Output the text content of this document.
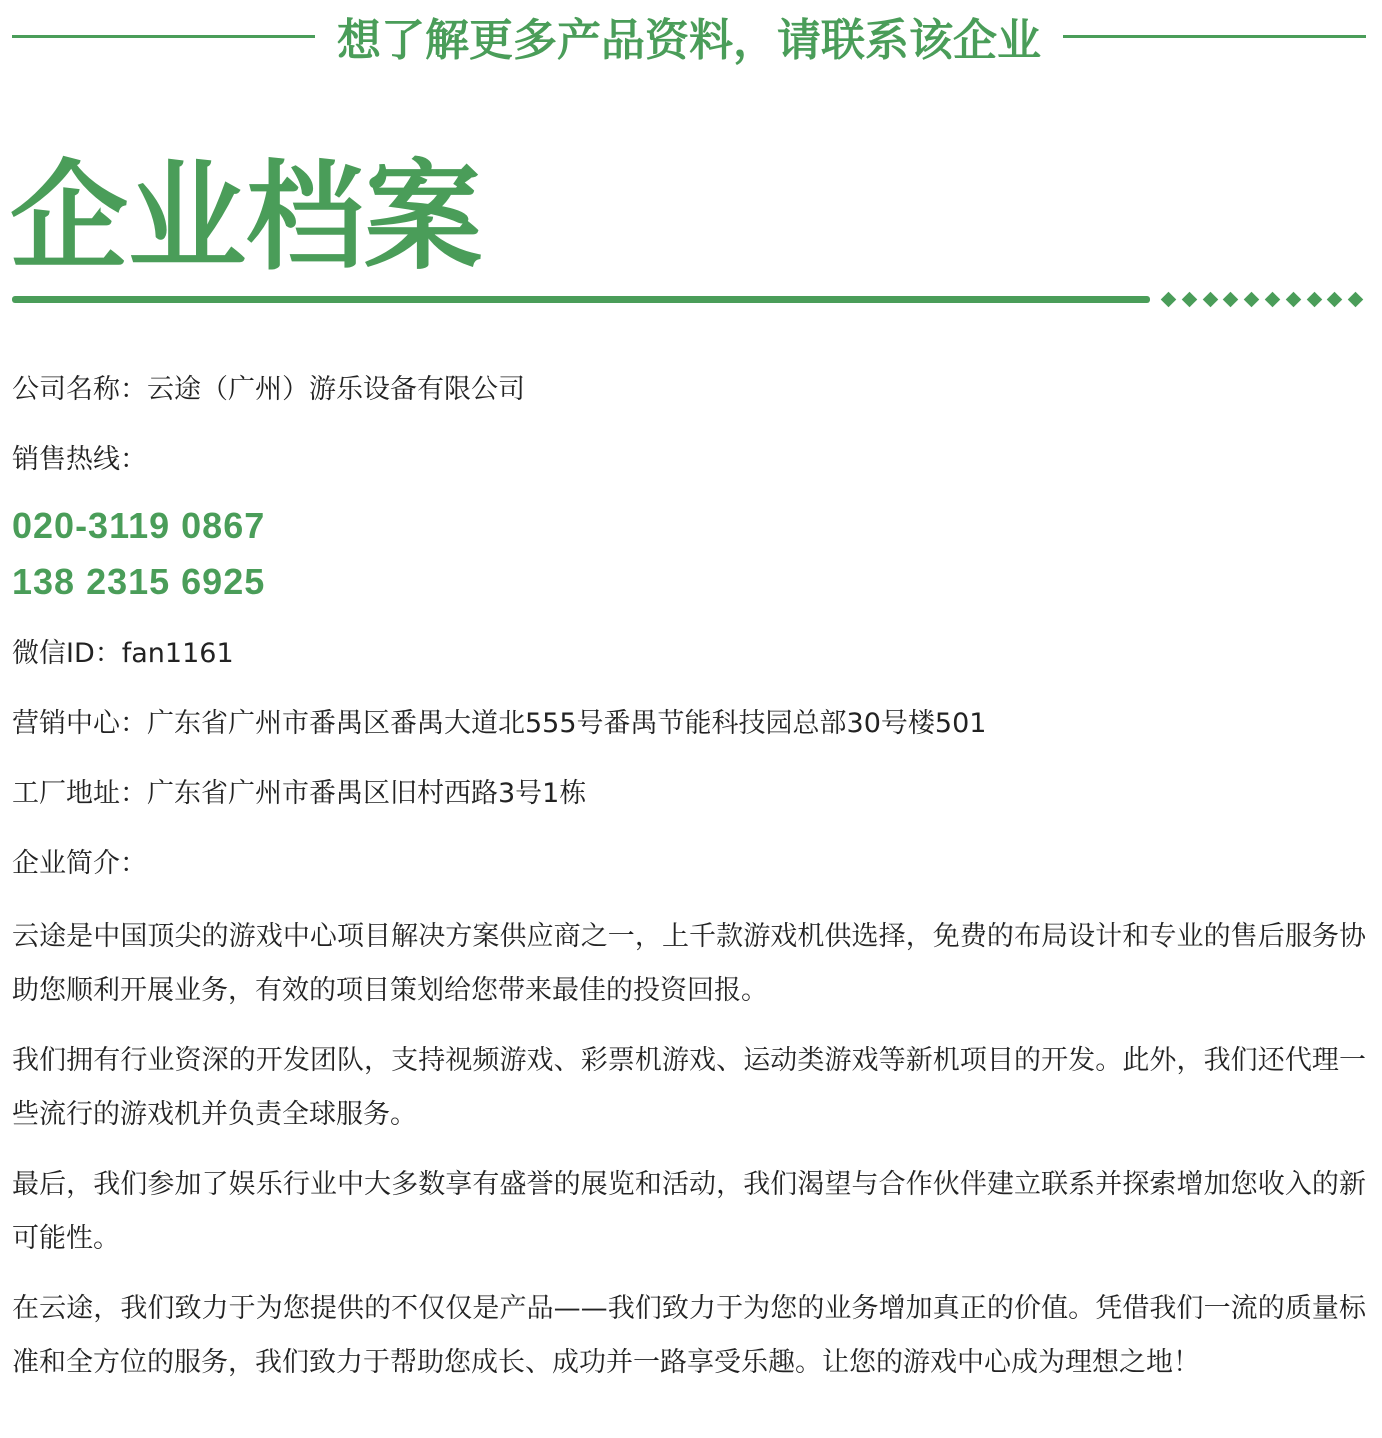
想了解更多产品资料，请联系该企业
企业档案
公司名称：云途（广州）游乐设备有限公司
销售热线：
020-3119 0867
138 2315 6925
微信ID：fan1161
营销中心：广东省广州市番禺区番禺大道北555号番禺节能科技园总部30号楼501
工厂地址：广东省广州市番禺区旧村西路3号1栋
企业简介：
云途是中国顶尖的游戏中心项目解决方案供应商之一，上千款游戏机供选择，免费的布局设计和专业的售后服务协助您顺利开展业务，有效的项目策划给您带来最佳的投资回报。
我们拥有行业资深的开发团队，支持视频游戏、彩票机游戏、运动类游戏等新机项目的开发。此外，我们还代理一些流行的游戏机并负责全球服务。
最后，我们参加了娱乐行业中大多数享有盛誉的展览和活动，我们渴望与合作伙伴建立联系并探索增加您收入的新可能性。
在云途，我们致力于为您提供的不仅仅是产品——我们致力于为您的业务增加真正的价值。凭借我们一流的质量标准和全方位的服务，我们致力于帮助您成长、成功并一路享受乐趣。让您的游戏中心成为理想之地！
